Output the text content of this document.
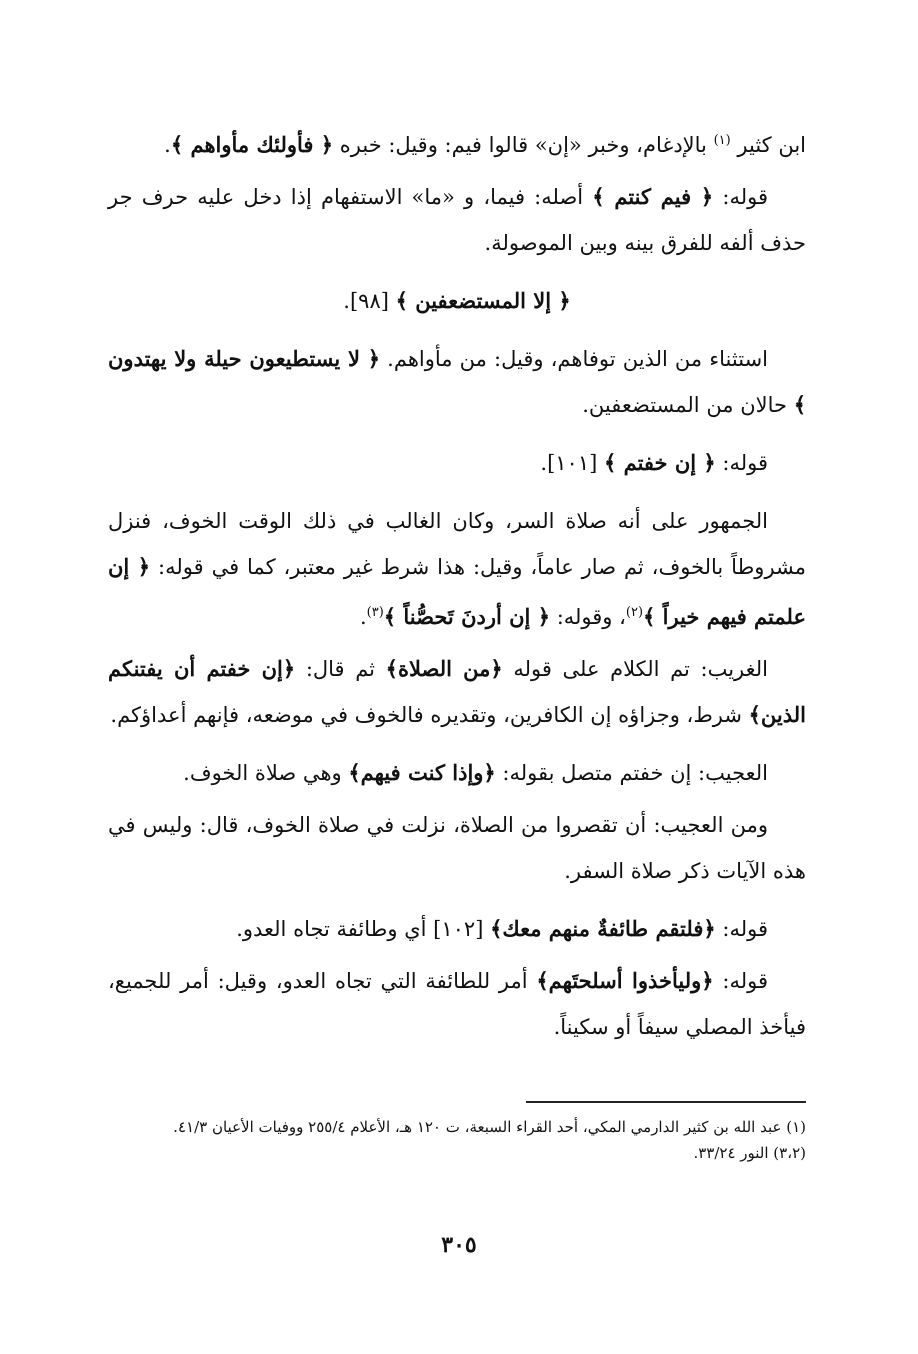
ابن كثير $^{(١)}$ بالإدغام، وخبر «إن» قالوا فيم: وقيل: خبره ﴿ فأولئك مأواهم ﴾.

قوله: ﴿ فيم كنتم ﴾ أصله: فيما، و «ما» الاستفهام إذا دخل عليه حرف جر حذف ألفه للفرق بينه وبين الموصولة.

﴿ إلا المستضعفين ﴾ [٩٨].

استثناء من الذين توفاهم، وقيل: من مأواهم. ﴿ لا يستطيعون حيلة ولا يهتدون ﴾ حالان من المستضعفين.

قوله: ﴿ إن خفتم ﴾ [١٠١].

الجمهور على أنه صلاة السر، وكان الغالب في ذلك الوقت الخوف، فنزل مشروطاً بالخوف، ثم صار عاماً، وقيل: هذا شرط غير معتبر، كما في قوله: ﴿ إن علمتم فيهم خيراً ﴾$^{(٢)}$، وقوله: ﴿ إن أردنَ تَحصُّناً ﴾$^{(٣)}$.

الغريب: تم الكلام على قوله ﴿من الصلاة﴾ ثم قال: ﴿إن خفتم أن يفتنكم الذين﴾ شرط، وجزاؤه إن الكافرين، وتقديره فالخوف في موضعه، فإنهم أعداؤكم.

العجيب: إن خفتم متصل بقوله: ﴿وإذا كنت فيهم﴾ وهي صلاة الخوف.

ومن العجيب: أن تقصروا من الصلاة، نزلت في صلاة الخوف، قال: وليس في هذه الآيات ذكر صلاة السفر.

قوله: ﴿فلتقم طائفةٌ منهم معك﴾ [١٠٢] أي وطائفة تجاه العدو.

قوله: ﴿وليأخذوا أسلحتَهم﴾ أمر للطائفة التي تجاه العدو، وقيل: أمر للجميع، فيأخذ المصلي سيفاً أو سكيناً.

(١) عبد الله بن كثير الدارمي المكي، أحد القراء السبعة، ت ١٢٠ هـ، الأعلام ٢٥٥/٤ ووفيات الأعيان ٤١/٣.

(٣،٢) النور ٣٣/٢٤.

٣٠٥
